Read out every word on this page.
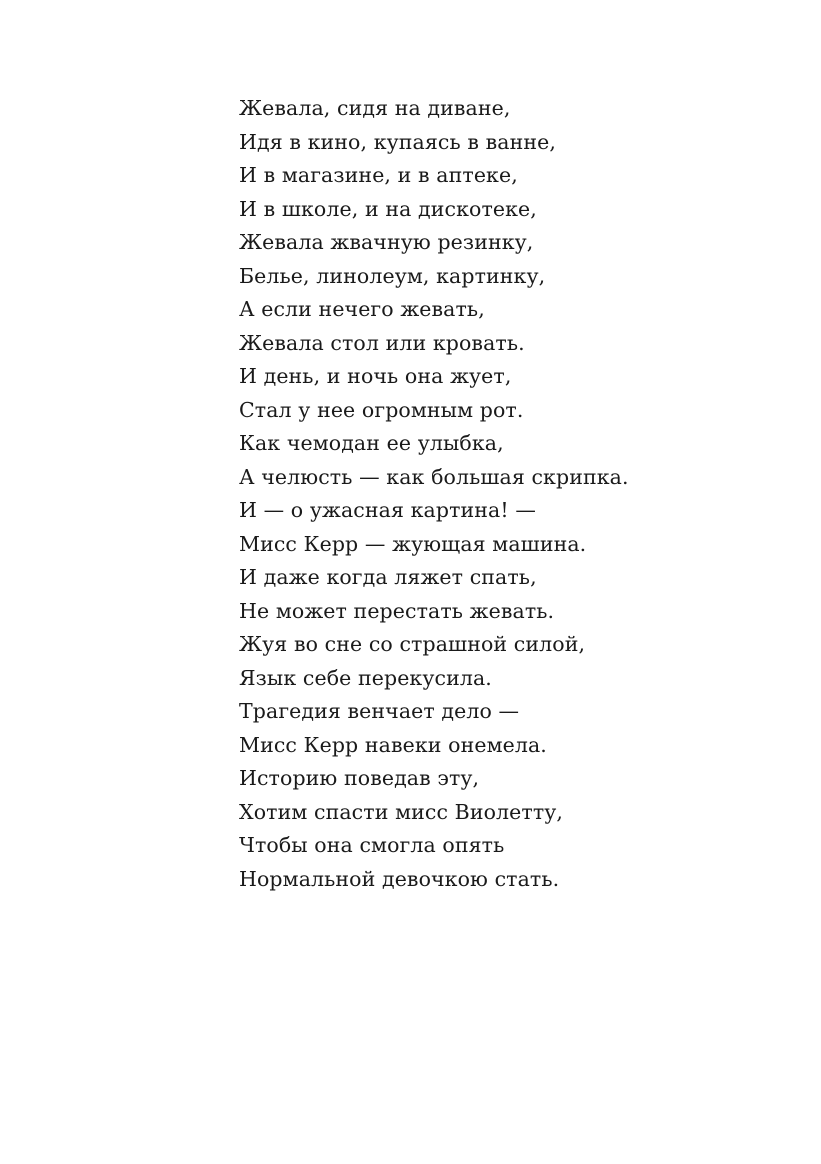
Жевала, сидя на диване,
Идя в кино, купаясь в ванне,
И в магазине, и в аптеке,
И в школе, и на дискотеке,
Жевала жвачную резинку,
Белье, линолеум, картинку,
А если нечего жевать,
Жевала стол или кровать.
И день, и ночь она жует,
Стал у нее огромным рот.
Как чемодан ее улыбка,
А челюсть — как большая скрипка.
И — о ужасная картина! —
Мисс Керр — жующая машина.
И даже когда ляжет спать,
Не может перестать жевать.
Жуя во сне со страшной силой,
Язык себе перекусила.
Трагедия венчает дело —
Мисс Керр навеки онемела.
Историю поведав эту,
Хотим спасти мисс Виолетту,
Чтобы она смогла опять
Нормальной девочкою стать.
